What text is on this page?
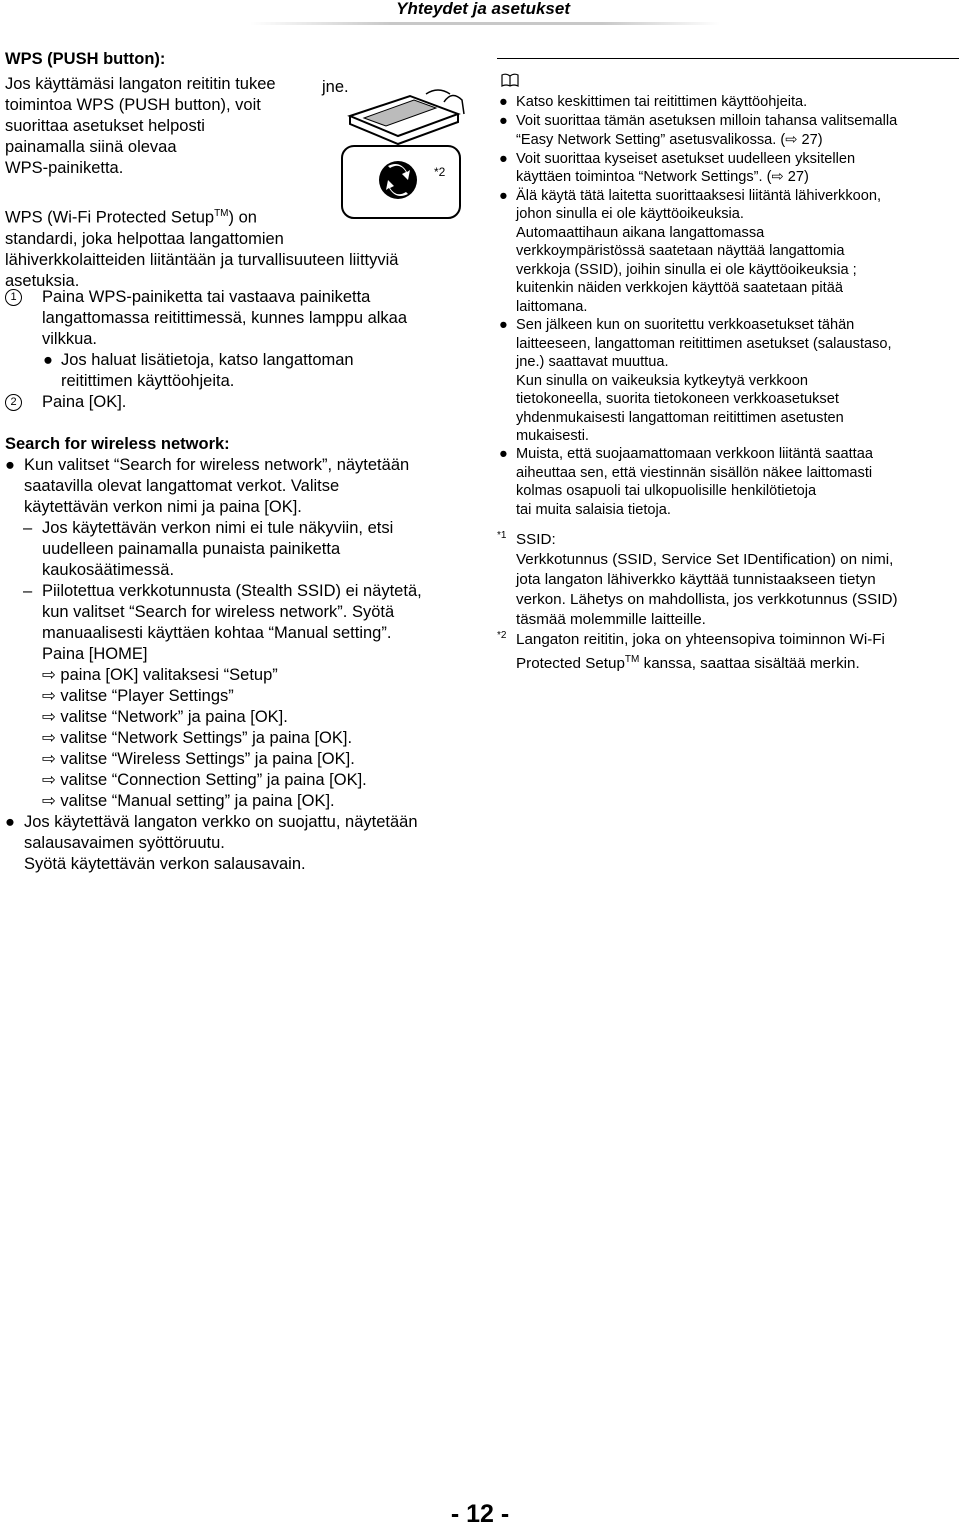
Yhteydet ja asetukset
*2
jne.
WPS (PUSH button):
Jos käyttämäsi langaton reititin tukee
toimintoa WPS (PUSH button), voit
suorittaa asetukset helposti
painamalla siinä olevaa
WPS-painiketta.
WPS (Wi-Fi Protected Setup™) on
standardi, joka helpottaa langattomien
lähiverkkolaitteiden liitäntään ja turvallisuuteen liittyviä
asetuksia.
1	Paina WPS-painiketta tai vastaava painiketta
langattomassa reitittimessä, kunnes lamppu alkaa
vilkkua.
● Jos haluat lisätietoja, katso langattoman
reitittimen käyttöohjeita.
2	Paina [OK].
Search for wireless network:
● Kun valitset “Search for wireless network”, näytetään
saatavilla olevat langattomat verkot. Valitse
käytettävän verkon nimi ja paina [OK].
– Jos käytettävän verkon nimi ei tule näkyviin, etsi
uudelleen painamalla punaista painiketta
kaukosäätimessä.
– Piilotettua verkkotunnusta (Stealth SSID) ei näytetä,
kun valitset “Search for wireless network”. Syötä
manuaalisesti käyttäen kohtaa “Manual setting”.
Paina [HOME]
⇨ paina [OK] valitaksesi “Setup”
⇨ valitse “Player Settings”
⇨ valitse “Network” ja paina [OK].
⇨ valitse “Network Settings” ja paina [OK].
⇨ valitse “Wireless Settings” ja paina [OK].
⇨ valitse “Connection Setting” ja paina [OK].
⇨ valitse “Manual setting” ja paina [OK].
● Jos käytettävä langaton verkko on suojattu, näytetään
salausavaimen syöttöruutu.
Syötä käytettävän verkon salausavain.
● Katso keskittimen tai reitittimen käyttöohjeita.
● Voit suorittaa tämän asetuksen milloin tahansa valitsemalla
“Easy Network Setting” asetusvalikossa. (⇨ 27)
● Voit suorittaa kyseiset asetukset uudelleen yksitellen
käyttäen toimintoa “Network Settings”. (⇨ 27)
● Älä käytä tätä laitetta suorittaaksesi liitäntä lähiverkkoon,
johon sinulla ei ole käyttöoikeuksia.
Automaattihaun aikana langattomassa
verkkoympäristössä saatetaan näyttää langattomia
verkkoja (SSID), joihin sinulla ei ole käyttöoikeuksia ;
kuitenkin näiden verkkojen käyttöä saatetaan pitää
laittomana.
● Sen jälkeen kun on suoritettu verkkoasetukset tähän
laitteeseen, langattoman reitittimen asetukset (salaustaso,
jne.) saattavat muuttua.
Kun sinulla on vaikeuksia kytkeytyä verkkoon
tietokoneella, suorita tietokoneen verkkoasetukset
yhdenmukaisesti langattoman reitittimen asetusten
mukaisesti.
● Muista, että suojaamattomaan verkkoon liitäntä saattaa
aiheuttaa sen, että viestinnän sisällön näkee laittomasti
kolmas osapuoli tai ulkopuolisille henkilötietoja
tai muita salaisia tietoja.
*1 SSID:
Verkkotunnus (SSID, Service Set IDentification) on nimi,
jota langaton lähiverkko käyttää tunnistaakseen tietyn
verkon. Lähetys on mahdollista, jos verkkotunnus (SSID)
täsmää molemmille laitteille.
*2 Langaton reititin, joka on yhteensopiva toiminnon Wi-Fi
Protected Setup™ kanssa, saattaa sisältää merkin.
- 12 -
